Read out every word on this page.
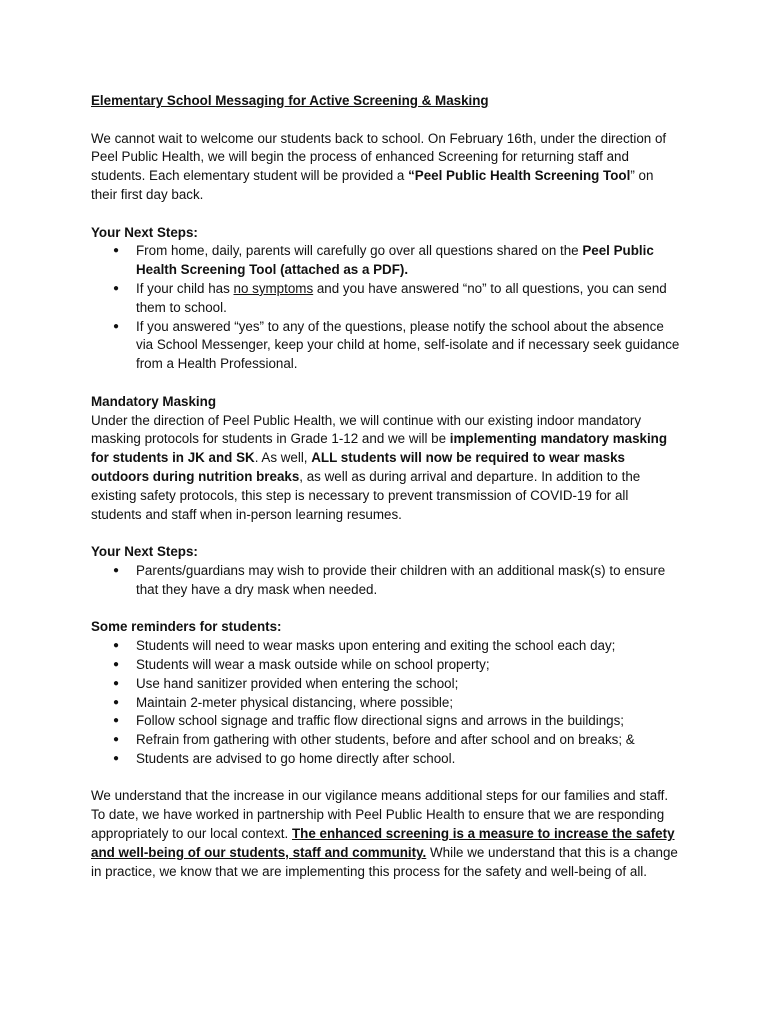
Elementary School Messaging for Active Screening & Masking

We cannot wait to welcome our students back to school. On February 16th, under the direction of Peel Public Health, we will begin the process of enhanced Screening for returning staff and students. Each elementary student will be provided a “Peel Public Health Screening Tool” on their first day back.

Your Next Steps:

● From home, daily, parents will carefully go over all questions shared on the Peel Public Health Screening Tool (attached as a PDF).
● If your child has no symptoms and you have answered “no” to all questions, you can send them to school.
● If you answered “yes” to any of the questions, please notify the school about the absence via School Messenger, keep your child at home, self-isolate and if necessary seek guidance from a Health Professional.

Mandatory Masking

Under the direction of Peel Public Health, we will continue with our existing indoor mandatory masking protocols for students in Grade 1-12 and we will be implementing mandatory masking for students in JK and SK. As well, ALL students will now be required to wear masks outdoors during nutrition breaks, as well as during arrival and departure. In addition to the existing safety protocols, this step is necessary to prevent transmission of COVID-19 for all students and staff when in-person learning resumes.

Your Next Steps:

● Parents/guardians may wish to provide their children with an additional mask(s) to ensure that they have a dry mask when needed.

Some reminders for students:

● Students will need to wear masks upon entering and exiting the school each day;
● Students will wear a mask outside while on school property;
● Use hand sanitizer provided when entering the school;
● Maintain 2-meter physical distancing, where possible;
● Follow school signage and traffic flow directional signs and arrows in the buildings;
● Refrain from gathering with other students, before and after school and on breaks; &
● Students are advised to go home directly after school.

We understand that the increase in our vigilance means additional steps for our families and staff. To date, we have worked in partnership with Peel Public Health to ensure that we are responding appropriately to our local context. The enhanced screening is a measure to increase the safety and well-being of our students, staff and community. While we understand that this is a change in practice, we know that we are implementing this process for the safety and well-being of all.
